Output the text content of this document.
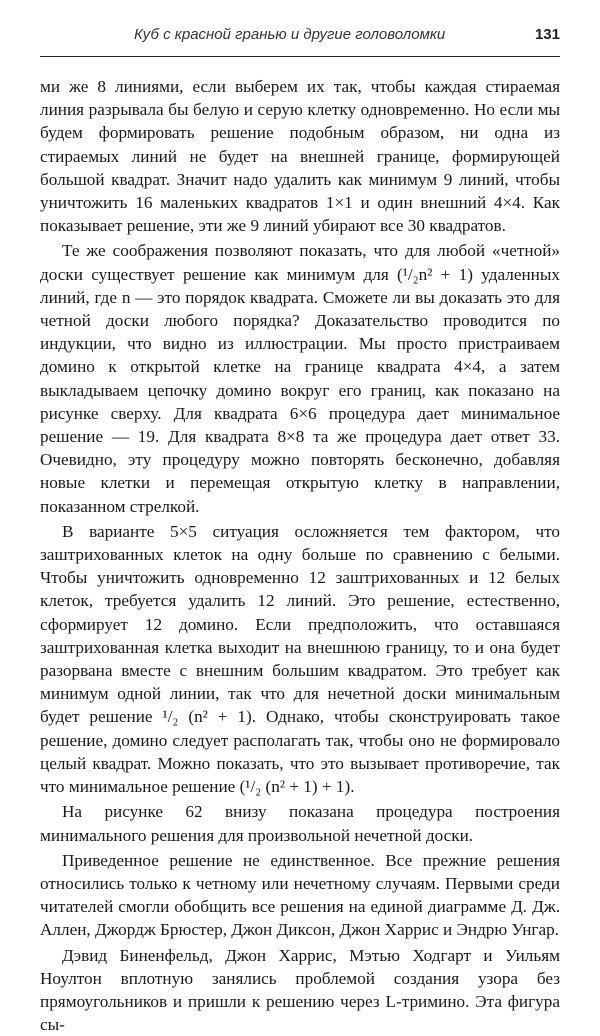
Куб с красной гранью и другие головоломки	131

ми же 8 линиями, если выберем их так, чтобы каждая стираемая линия разрывала бы белую и серую клетку одновременно. Но если мы будем формировать решение подобным образом, ни одна из стираемых линий не будет на внешней границе, формирующей большой квадрат. Значит надо удалить как минимум 9 линий, чтобы уничтожить 16 маленьких квадратов 1×1 и один внешний 4×4. Как показывает решение, эти же 9 линий убирают все 30 квадратов.

Те же соображения позволяют показать, что для любой «четной» доски существует решение как минимум для (¹/₂n² + 1) удаленных линий, где n — это порядок квадрата. Сможете ли вы доказать это для четной доски любого порядка? Доказательство проводится по индукции, что видно из иллюстрации. Мы просто пристраиваем домино к открытой клетке на границе квадрата 4×4, а затем выкладываем цепочку домино вокруг его границ, как показано на рисунке сверху. Для квадрата 6×6 процедура дает минимальное решение — 19. Для квадрата 8×8 та же процедура дает ответ 33. Очевидно, эту процедуру можно повторять бесконечно, добавляя новые клетки и перемещая открытую клетку в направлении, показанном стрелкой.

В варианте 5×5 ситуация осложняется тем фактором, что заштрихованных клеток на одну больше по сравнению с белыми. Чтобы уничтожить одновременно 12 заштрихованных и 12 белых клеток, требуется удалить 12 линий. Это решение, естественно, сформирует 12 домино. Если предположить, что оставшаяся заштрихованная клетка выходит на внешнюю границу, то и она будет разорвана вместе с внешним большим квадратом. Это требует как минимум одной линии, так что для нечетной доски минимальным будет решение ¹/₂ (n² + 1). Однако, чтобы сконструировать такое решение, домино следует располагать так, чтобы оно не формировало целый квадрат. Можно показать, что это вызывает противоречие, так что минимальное решение (¹/₂ (n² + 1) + 1).

На рисунке 62 внизу показана процедура построения минимального решения для произвольной нечетной доски.

Приведенное решение не единственное. Все прежние решения относились только к четному или нечетному случаям. Первыми среди читателей смогли обобщить все решения на единой диаграмме Д. Дж. Аллен, Джордж Брюстер, Джон Диксон, Джон Харрис и Эндрю Унгар.

Дэвид Биненфельд, Джон Харрис, Мэтью Ходгарт и Уильям Ноултон вплотную занялись проблемой создания узора без прямоугольников и пришли к решению через L-тримино. Эта фигура сы-
